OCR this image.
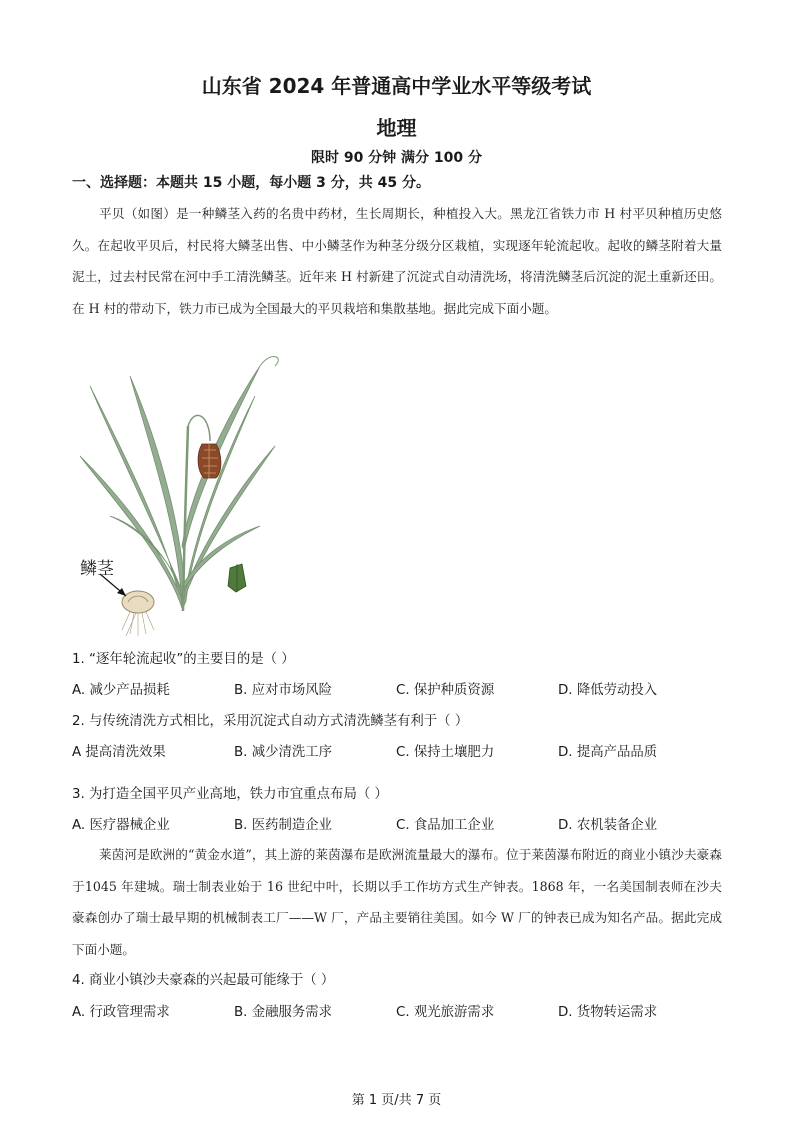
山东省 2024 年普通高中学业水平等级考试
地理
限时 90 分钟 满分 100 分
一、选择题：本题共 15 小题，每小题 3 分，共 45 分。
平贝（如图）是一种鳞茎入药的名贵中药材，生长周期长，种植投入大。黑龙江省铁力市 H 村平贝种植历史悠久。在起收平贝后，村民将大鳞茎出售、中小鳞茎作为种茎分级分区栽植，实现逐年轮流起收。起收的鳞茎附着大量泥土，过去村民常在河中手工清洗鳞茎。近年来 H 村新建了沉淀式自动清洗场，将清洗鳞茎后沉淀的泥土重新还田。在 H 村的带动下，铁力市已成为全国最大的平贝栽培和集散基地。据此完成下面小题。
鳞茎
1. “逐年轮流起收”的主要目的是（ ）
A. 减少产品损耗	B. 应对市场风险	C. 保护种质资源	D. 降低劳动投入
2. 与传统清洗方式相比，采用沉淀式自动方式清洗鳞茎有利于（ ）
A 提高清洗效果	B. 减少清洗工序	C. 保持土壤肥力	D. 提高产品品质
3. 为打造全国平贝产业高地，铁力市宜重点布局（ ）
A. 医疗器械企业	B. 医药制造企业	C. 食品加工企业	D. 农机装备企业
莱茵河是欧洲的“黄金水道”，其上游的莱茵瀑布是欧洲流量最大的瀑布。位于莱茵瀑布附近的商业小镇沙夫豪森于1045 年建城。瑞士制表业始于 16 世纪中叶，长期以手工作坊方式生产钟表。1868 年，一名美国制表师在沙夫豪森创办了瑞士最早期的机械制表工厂——W 厂，产品主要销往美国。如今 W 厂的钟表已成为知名产品。据此完成下面小题。
4. 商业小镇沙夫豪森的兴起最可能缘于（ ）
A. 行政管理需求	B. 金融服务需求	C. 观光旅游需求	D. 货物转运需求
第 1 页/共 7 页
